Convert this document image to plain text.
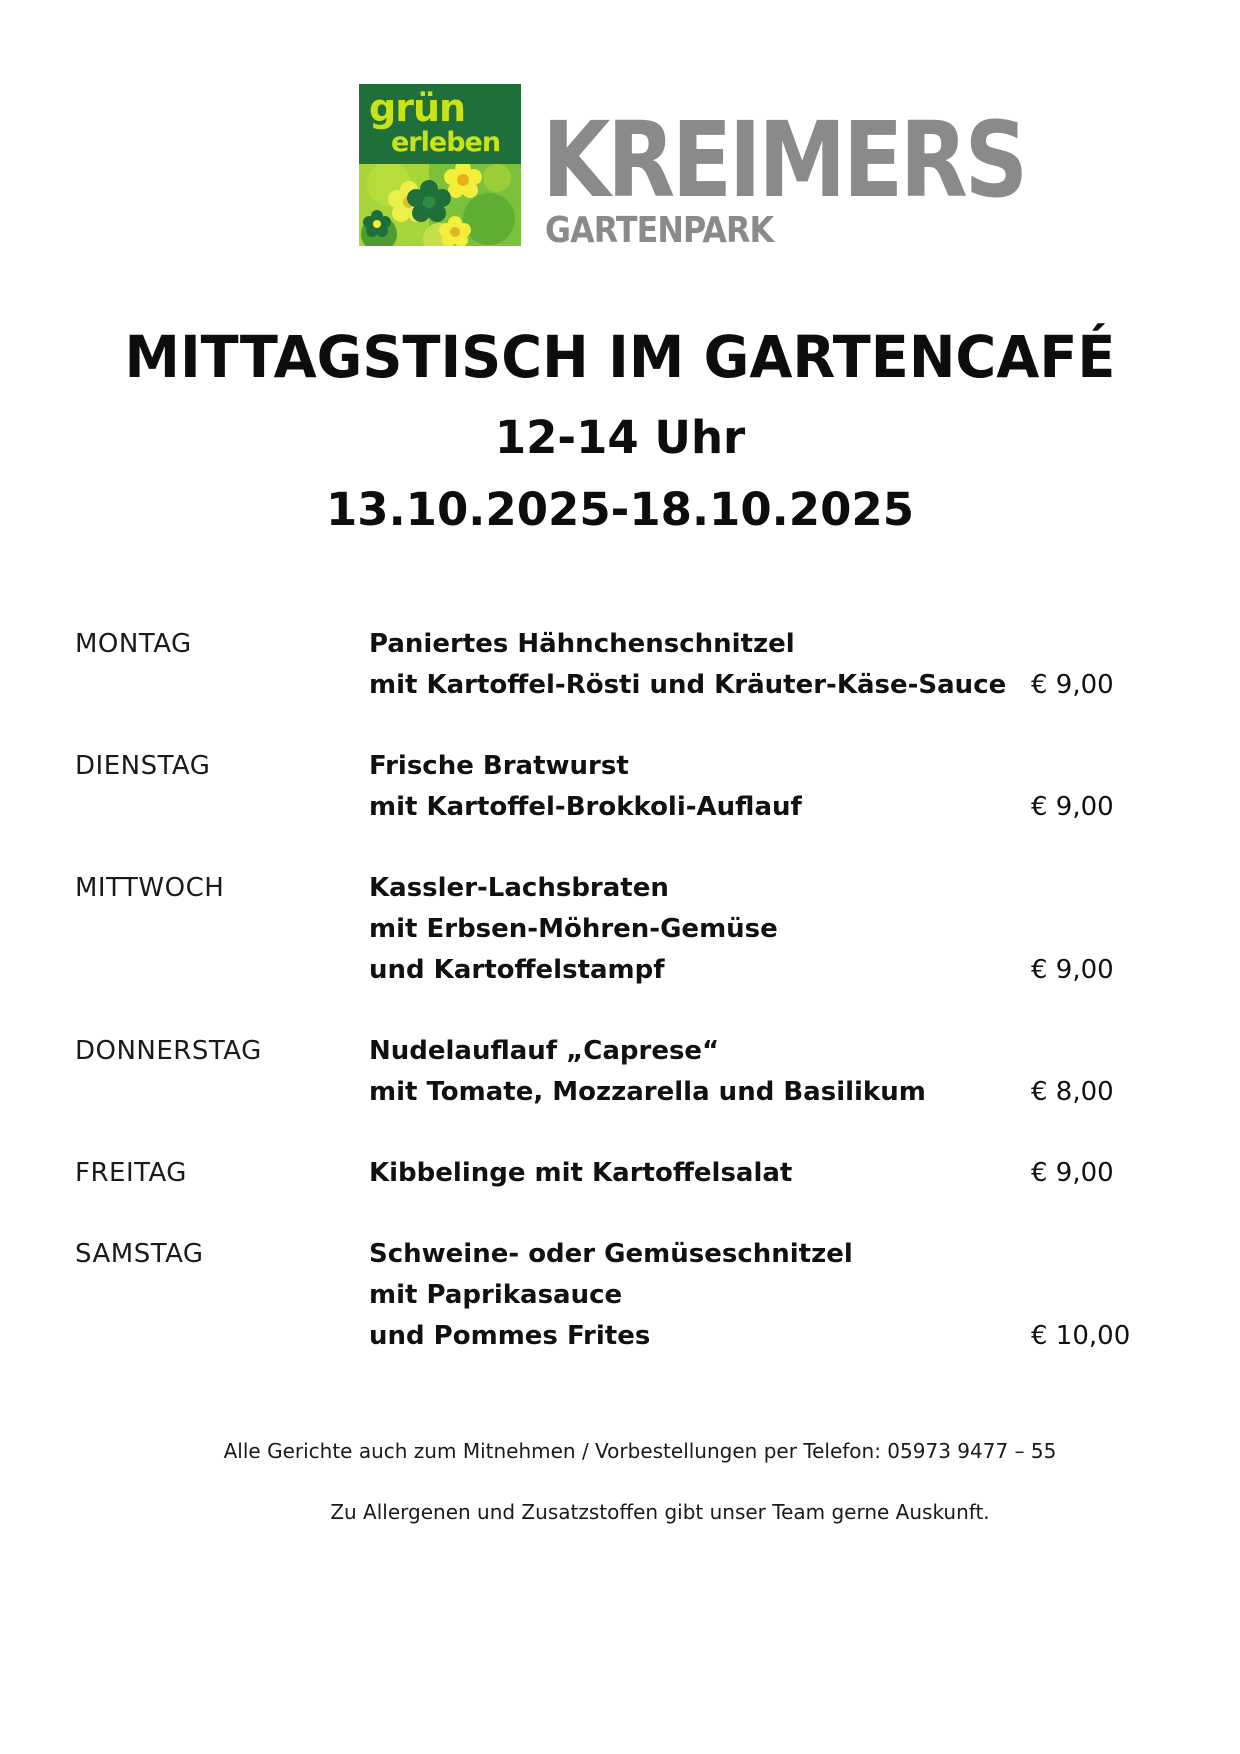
grün
erleben KREIMERS
GARTENPARK
MITTAGSTISCH IM GARTENCAFÉ
12-14 Uhr
13.10.2025-18.10.2025
MONTAG	Paniertes Hähnchenschnitzel
mit Kartoffel-Rösti und Kräuter-Käse-Sauce € 9,00
DIENSTAG	Frische Bratwurst
mit Kartoffel-Brokkoli-Auflauf	€ 9,00
MITTWOCH	Kassler-Lachsbraten
mit Erbsen-Möhren-Gemüse
und Kartoffelstampf	€ 9,00
DONNERSTAG	Nudelauflauf „Caprese“
mit Tomate, Mozzarella und Basilikum	€ 8,00
FREITAG	Kibbelinge mit Kartoffelsalat	€ 9,00
SAMSTAG	Schweine- oder Gemüseschnitzel
mit Paprikasauce
und Pommes Frites	€ 10,00
Alle Gerichte auch zum Mitnehmen / Vorbestellungen per Telefon: 05973 9477 – 55
Zu Allergenen und Zusatzstoffen gibt unser Team gerne Auskunft.
